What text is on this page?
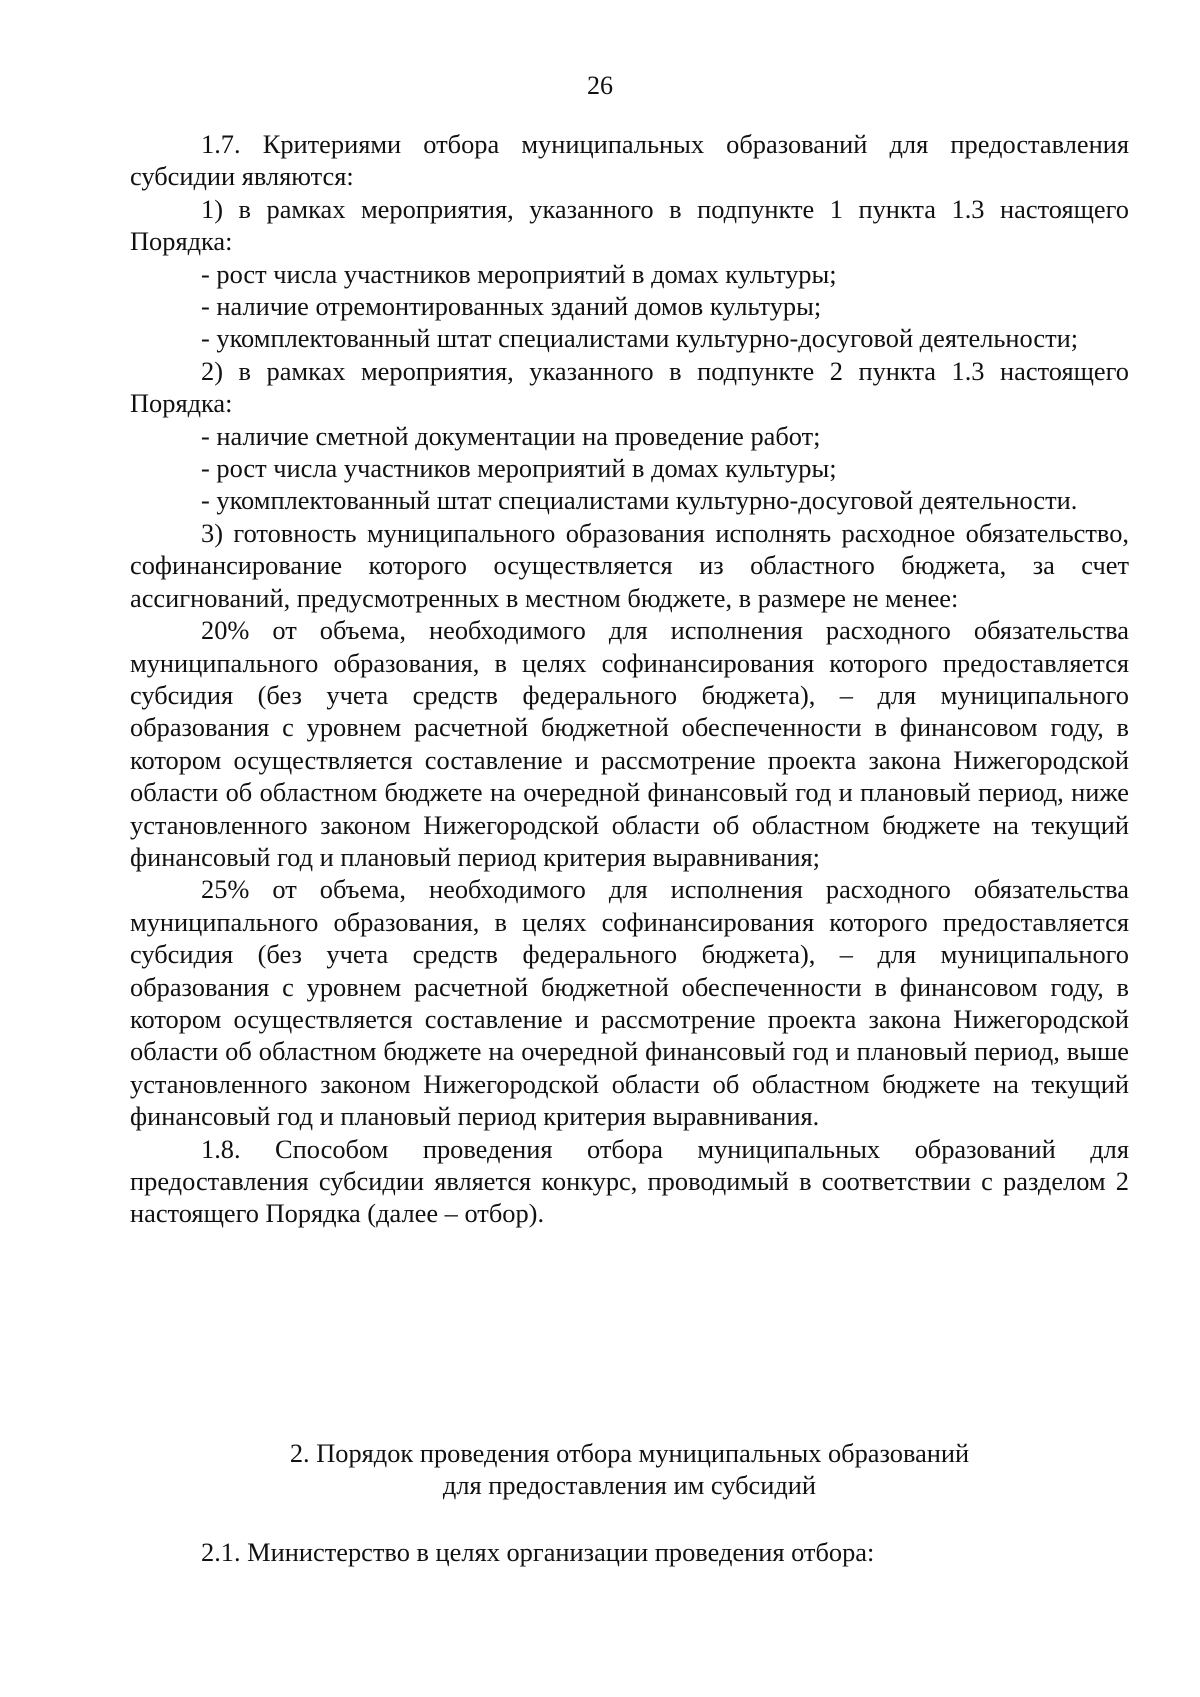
26

1.7. Критериями отбора муниципальных образований для предоставления субсидии являются:

1) в рамках мероприятия, указанного в подпункте 1 пункта 1.3 настоящего Порядка:

- рост числа участников мероприятий в домах культуры;

- наличие отремонтированных зданий домов культуры;

- укомплектованный штат специалистами культурно-досуговой деятельности;

2) в рамках мероприятия, указанного в подпункте 2 пункта 1.3 настоящего Порядка:

- наличие сметной документации на проведение работ;

- рост числа участников мероприятий в домах культуры;

- укомплектованный штат специалистами культурно-досуговой деятельности.

3) готовность муниципального образования исполнять расходное обязательство, софинансирование которого осуществляется из областного бюджета, за счет ассигнований, предусмотренных в местном бюджете, в размере не менее:

20% от объема, необходимого для исполнения расходного обязательства муниципального образования, в целях софинансирования которого предоставляется субсидия (без учета средств федерального бюджета), – для муниципального образования с уровнем расчетной бюджетной обеспеченности в финансовом году, в котором осуществляется составление и рассмотрение проекта закона Нижегородской области об областном бюджете на очередной финансовый год и плановый период, ниже установленного законом Нижегородской области об областном бюджете на текущий финансовый год и плановый период критерия выравнивания;

25% от объема, необходимого для исполнения расходного обязательства муниципального образования, в целях софинансирования которого предоставляется субсидия (без учета средств федерального бюджета), – для муниципального образования с уровнем расчетной бюджетной обеспеченности в финансовом году, в котором осуществляется составление и рассмотрение проекта закона Нижегородской области об областном бюджете на очередной финансовый год и плановый период, выше установленного законом Нижегородской области об областном бюджете на текущий финансовый год и плановый период критерия выравнивания.

1.8. Способом проведения отбора муниципальных образований для предоставления субсидии является конкурс, проводимый в соответствии с разделом 2 настоящего Порядка (далее – отбор).

2. Порядок проведения отбора муниципальных образований
для предоставления им субсидий

2.1. Министерство в целях организации проведения отбора:
